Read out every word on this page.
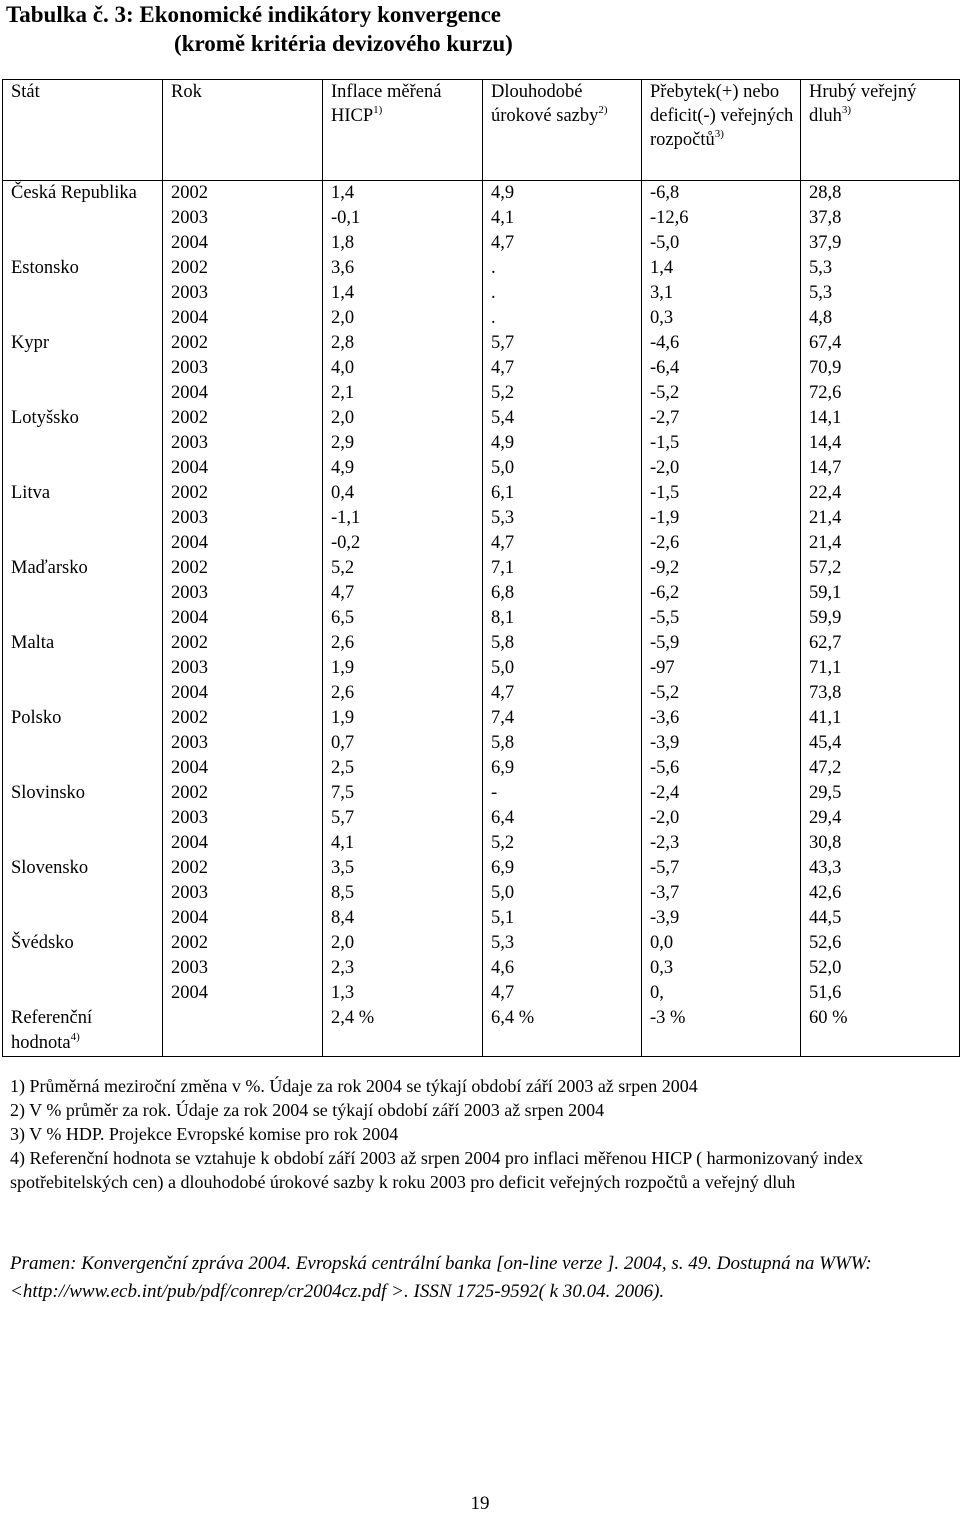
Tabulka č. 3: Ekonomické indikátory konvergence
(kromě kritéria devizového kurzu)
Stát	Rok	Inflace měřená HICP$^{1)}$	Dlouhodobé úrokové sazby$^{2)}$	Přebytek(+) nebo deficit(-) veřejných rozpočtů$^{3)}$	Hrubý veřejný dluh$^{3)}$
Česká Republika	2002	1,4	4,9	-6,8	28,8
	2003	-0,1	4,1	-12,6	37,8
	2004	1,8	4,7	-5,0	37,9
Estonsko	2002	3,6	.	1,4	5,3
	2003	1,4	.	3,1	5,3
	2004	2,0	.	0,3	4,8
Kypr	2002	2,8	5,7	-4,6	67,4
	2003	4,0	4,7	-6,4	70,9
	2004	2,1	5,2	-5,2	72,6
Lotyšsko	2002	2,0	5,4	-2,7	14,1
	2003	2,9	4,9	-1,5	14,4
	2004	4,9	5,0	-2,0	14,7
Litva	2002	0,4	6,1	-1,5	22,4
	2003	-1,1	5,3	-1,9	21,4
	2004	-0,2	4,7	-2,6	21,4
Maďarsko	2002	5,2	7,1	-9,2	57,2
	2003	4,7	6,8	-6,2	59,1
	2004	6,5	8,1	-5,5	59,9
Malta	2002	2,6	5,8	-5,9	62,7
	2003	1,9	5,0	-97	71,1
	2004	2,6	4,7	-5,2	73,8
Polsko	2002	1,9	7,4	-3,6	41,1
	2003	0,7	5,8	-3,9	45,4
	2004	2,5	6,9	-5,6	47,2
Slovinsko	2002	7,5	-	-2,4	29,5
	2003	5,7	6,4	-2,0	29,4
	2004	4,1	5,2	-2,3	30,8
Slovensko	2002	3,5	6,9	-5,7	43,3
	2003	8,5	5,0	-3,7	42,6
	2004	8,4	5,1	-3,9	44,5
Švédsko	2002	2,0	5,3	0,0	52,6
	2003	2,3	4,6	0,3	52,0
	2004	1,3	4,7	0,	51,6
Referenční hodnota$^{4)}$		2,4 %	6,4 %	-3 %	60 %

1) Průměrná meziroční změna v %. Údaje za rok 2004 se týkají období září 2003 až srpen 2004

2) V % průměr za rok. Údaje za rok 2004 se týkají období září 2003 až srpen 2004

3) V % HDP. Projekce Evropské komise pro rok 2004

4) Referenční hodnota se vztahuje k období září 2003 až srpen 2004 pro inflaci měřenou HICP ( harmonizovaný index spotřebitelských cen) a dlouhodobé úrokové sazby k roku 2003 pro deficit veřejných rozpočtů a veřejný dluh

Pramen: Konvergenční zpráva 2004. Evropská centrální banka [on-line verze ]. 2004, s. 49. Dostupná na WWW:<http://www.ecb.int/pub/pdf/conrep/cr2004cz.pdf >. ISSN 1725-9592( k 30.04. 2006).
19
